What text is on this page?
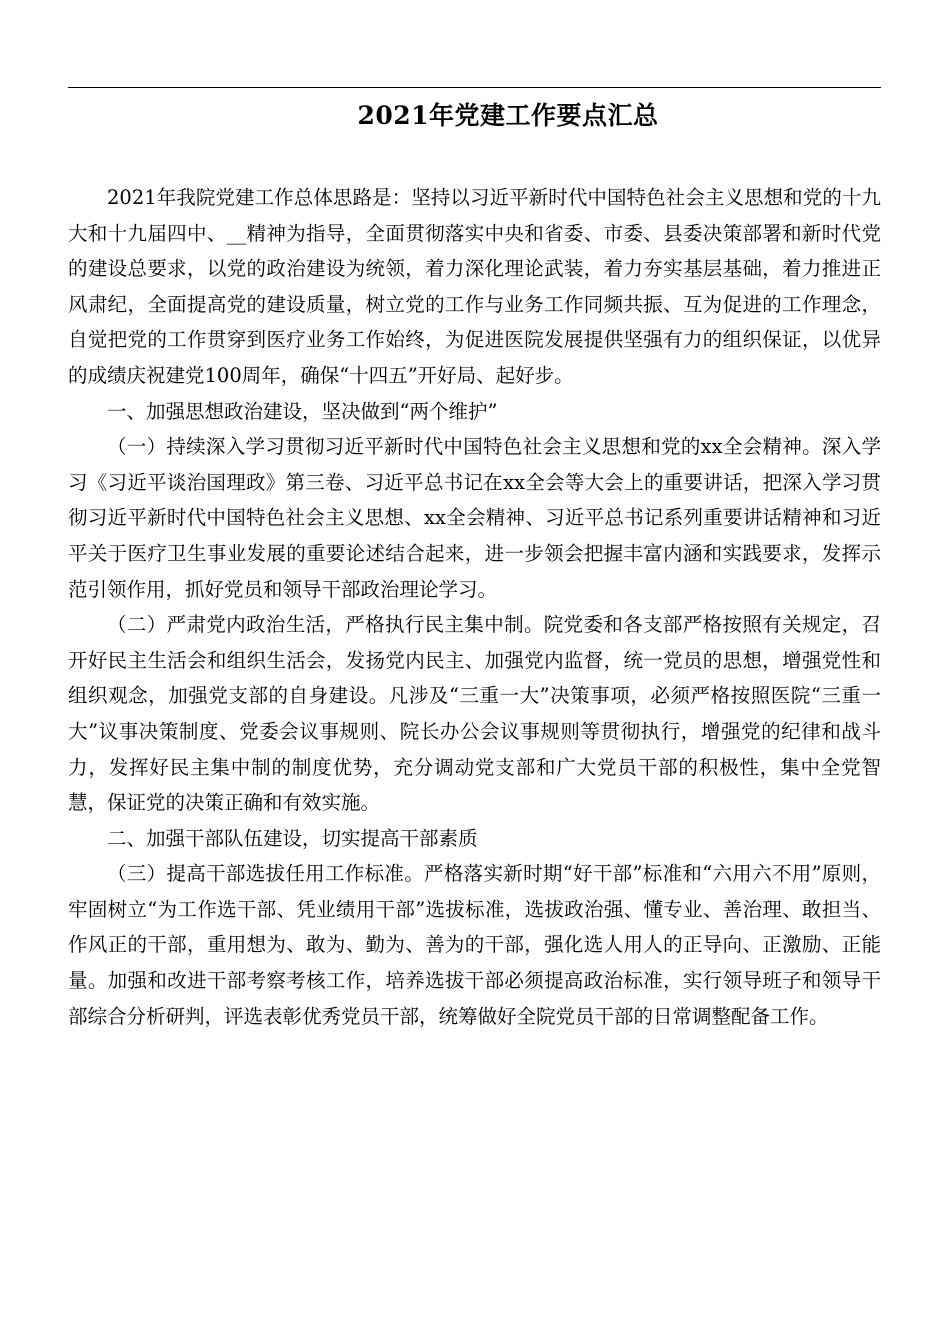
2021年党建工作要点汇总

2021年我院党建工作总体思路是：坚持以习近平新时代中国特色社会主义思想和党的十九大和十九届四中、__精神为指导，全面贯彻落实中央和省委、市委、县委决策部署和新时代党的建设总要求，以党的政治建设为统领，着力深化理论武装，着力夯实基层基础，着力推进正风肃纪，全面提高党的建设质量，树立党的工作与业务工作同频共振、互为促进的工作理念，自觉把党的工作贯穿到医疗业务工作始终，为促进医院发展提供坚强有力的组织保证，以优异的成绩庆祝建党100周年，确保“十四五”开好局、起好步。

一、加强思想政治建设，坚决做到“两个维护”

（一）持续深入学习贯彻习近平新时代中国特色社会主义思想和党的xx全会精神。深入学习《习近平谈治国理政》第三卷、习近平总书记在xx全会等大会上的重要讲话，把深入学习贯彻习近平新时代中国特色社会主义思想、xx全会精神、习近平总书记系列重要讲话精神和习近平关于医疗卫生事业发展的重要论述结合起来，进一步领会把握丰富内涵和实践要求，发挥示范引领作用，抓好党员和领导干部政治理论学习。

（二）严肃党内政治生活，严格执行民主集中制。院党委和各支部严格按照有关规定，召开好民主生活会和组织生活会，发扬党内民主、加强党内监督，统一党员的思想，增强党性和组织观念，加强党支部的自身建设。凡涉及“三重一大”决策事项，必须严格按照医院“三重一大”议事决策制度、党委会议事规则、院长办公会议事规则等贯彻执行，增强党的纪律和战斗力，发挥好民主集中制的制度优势，充分调动党支部和广大党员干部的积极性，集中全党智慧，保证党的决策正确和有效实施。

二、加强干部队伍建设，切实提高干部素质

（三）提高干部选拔任用工作标准。严格落实新时期“好干部”标准和“六用六不用”原则，牢固树立“为工作选干部、凭业绩用干部”选拔标准，选拔政治强、懂专业、善治理、敢担当、作风正的干部，重用想为、敢为、勤为、善为的干部，强化选人用人的正导向、正激励、正能量。加强和改进干部考察考核工作，培养选拔干部必须提高政治标准，实行领导班子和领导干部综合分析研判，评选表彰优秀党员干部，统筹做好全院党员干部的日常调整配备工作。
